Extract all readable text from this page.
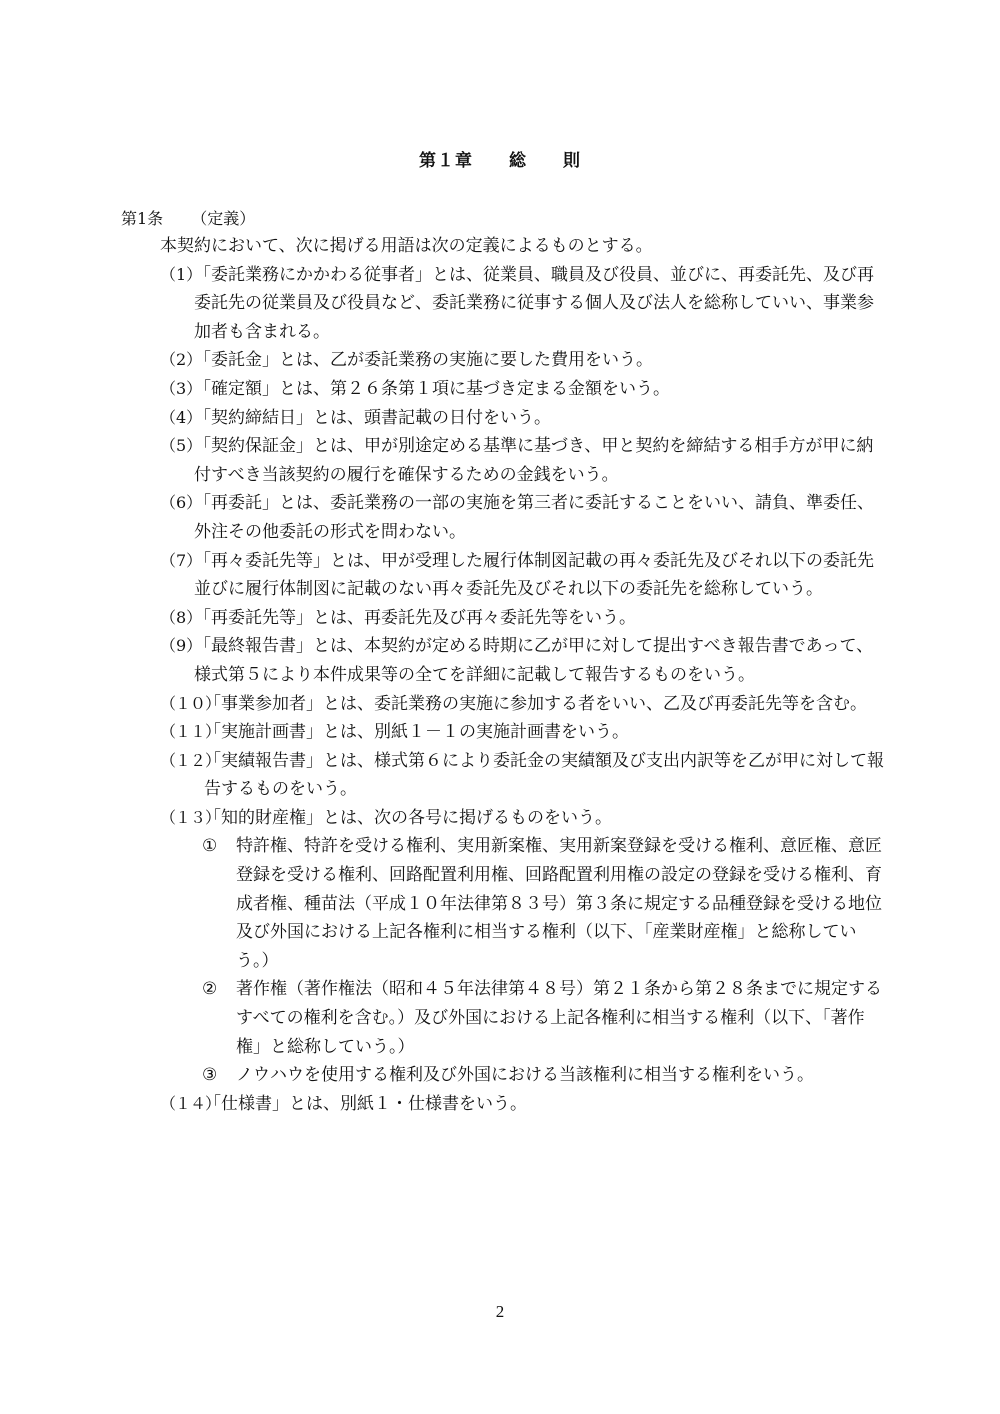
第１章　　総　　則
第1条 （定義）
本契約において、次に掲げる用語は次の定義によるものとする。
（1）
「委託業務にかかわる従事者」とは、従業員、職員及び役員、並びに、再委託先、及び再委託先の従業員及び役員など、委託業務に従事する個人及び法人を総称していい、事業参加者も含まれる。
（2）
「委託金」とは、乙が委託業務の実施に要した費用をいう。
（3）
「確定額」とは、第２６条第１項に基づき定まる金額をいう。
（4）
「契約締結日」とは、頭書記載の日付をいう。
（5）
「契約保証金」とは、甲が別途定める基準に基づき、甲と契約を締結する相手方が甲に納付すべき当該契約の履行を確保するための金銭をいう。
（6）
「再委託」とは、委託業務の一部の実施を第三者に委託することをいい、請負、準委任、外注その他委託の形式を問わない。
（7）
「再々委託先等」とは、甲が受理した履行体制図記載の再々委託先及びそれ以下の委託先並びに履行体制図に記載のない再々委託先及びそれ以下の委託先を総称していう。
（8）
「再委託先等」とは、再委託先及び再々委託先等をいう。
（9）
「最終報告書」とは、本契約が定める時期に乙が甲に対して提出すべき報告書であって、様式第５により本件成果等の全てを詳細に記載して報告するものをいう。
（１０）
「事業参加者」とは、委託業務の実施に参加する者をいい、乙及び再委託先等を含む。
（１１）
「実施計画書」とは、別紙１－１の実施計画書をいう。
（１２）
「実績報告書」とは、様式第６により委託金の実績額及び支出内訳等を乙が甲に対して報告するものをいう。
（１３）
「知的財産権」とは、次の各号に掲げるものをいう。
① 特許権、特許を受ける権利、実用新案権、実用新案登録を受ける権利、意匠権、意匠登録を受ける権利、回路配置利用権、回路配置利用権の設定の登録を受ける権利、育成者権、種苗法（平成１０年法律第８３号）第３条に規定する品種登録を受ける地位及び外国における上記各権利に相当する権利（以下、「産業財産権」と総称していう。）
② 著作権（著作権法（昭和４５年法律第４８号）第２１条から第２８条までに規定するすべての権利を含む。）及び外国における上記各権利に相当する権利（以下、「著作権」と総称していう。）
③ ノウハウを使用する権利及び外国における当該権利に相当する権利をいう。
（１４）
「仕様書」とは、別紙１・仕様書をいう。
2
